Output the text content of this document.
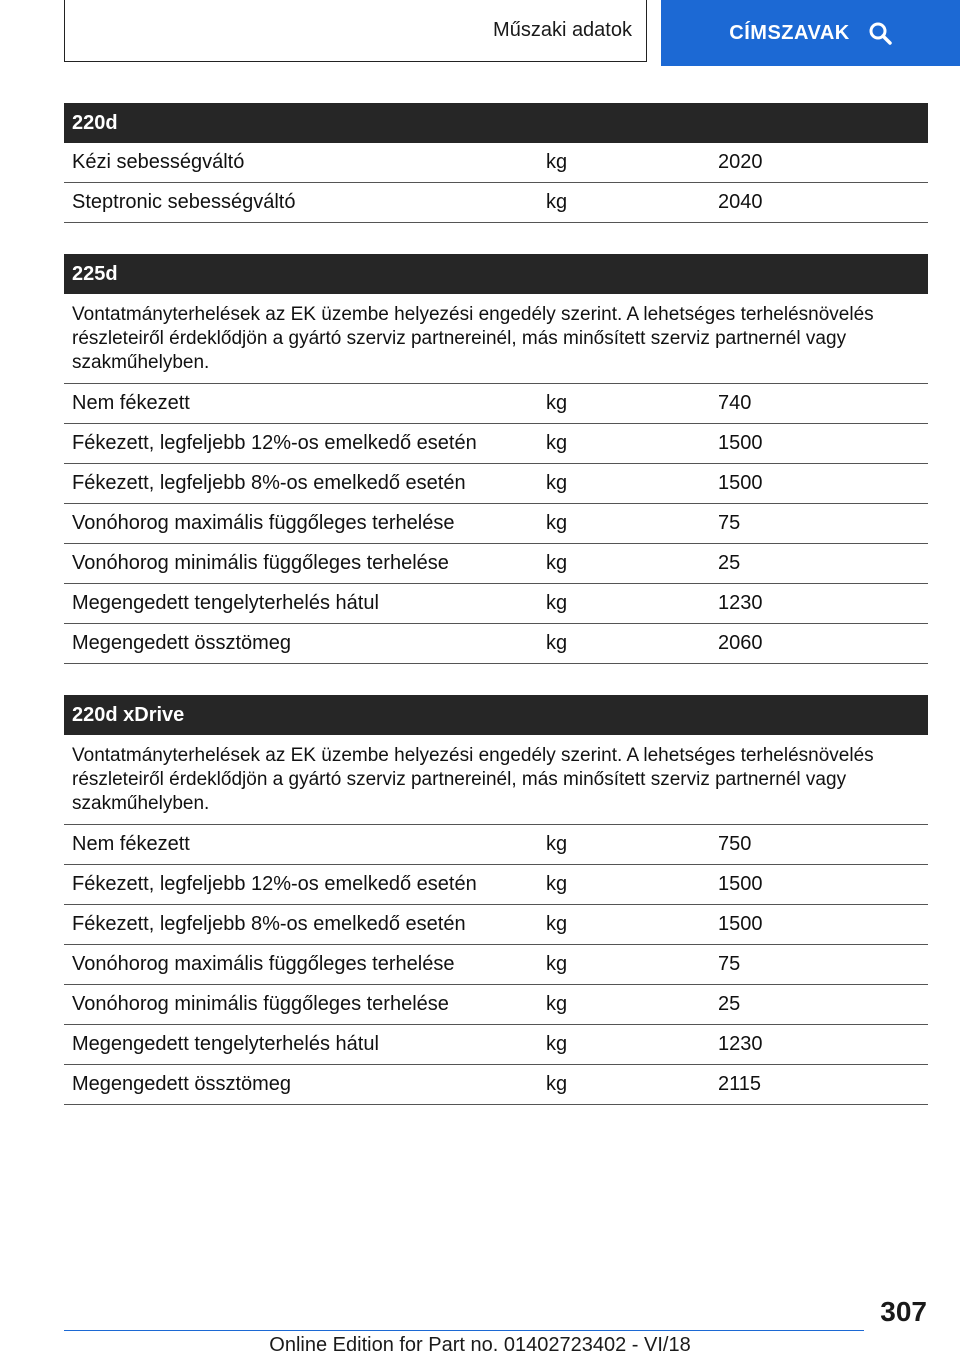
Műszaki adatok	CÍMSZAVAK
220d
Kézi sebességváltó	kg	2020
Steptronic sebességváltó	kg	2040
225d
Vontatmányterhelések az EK üzembe helyezési engedély szerint. A lehetséges terhelésnövelés részleteiről érdeklődjön a gyártó szerviz partnereinél, más minősített szerviz partnernél vagy szakműhelyben.
Nem fékezett	kg	740
Fékezett, legfeljebb 12%-os emelkedő esetén	kg	1500
Fékezett, legfeljebb 8%-os emelkedő esetén	kg	1500
Vonóhorog maximális függőleges terhelése	kg	75
Vonóhorog minimális függőleges terhelése	kg	25
Megengedett tengelyterhelés hátul	kg	1230
Megengedett össztömeg	kg	2060
220d xDrive
Vontatmányterhelések az EK üzembe helyezési engedély szerint. A lehetséges terhelésnövelés részleteiről érdeklődjön a gyártó szerviz partnereinél, más minősített szerviz partnernél vagy szakműhelyben.
Nem fékezett	kg	750
Fékezett, legfeljebb 12%-os emelkedő esetén	kg	1500
Fékezett, legfeljebb 8%-os emelkedő esetén	kg	1500
Vonóhorog maximális függőleges terhelése	kg	75
Vonóhorog minimális függőleges terhelése	kg	25
Megengedett tengelyterhelés hátul	kg	1230
Megengedett össztömeg	kg	2115
307
Online Edition for Part no. 01402723402 - VI/18
